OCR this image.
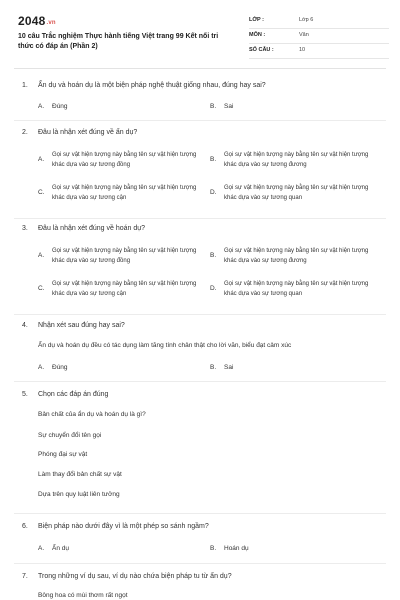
2048.vn
10 câu Trắc nghiệm Thực hành tiếng Việt trang 99 Kết nối tri thức có đáp án (Phần 2)
LỚP :	Lớp 6
MÔN :	Văn
SỐ CÂU :	10
1. Ẩn dụ và hoán dụ là một biện pháp nghệ thuật giống nhau, đúng hay sai?
A. Đúng	B. Sai
2. Đâu là nhận xét đúng về ẩn dụ?
A.
Gọi sự vật hiện tượng này bằng tên sự vật hiện tượng khác dựa vào sự tương đồng
B.
Gọi sự vật hiện tượng này bằng tên sự vật hiện tượng khác dựa vào sự tương đương
C.
Gọi sự vật hiện tượng này bằng tên sự vật hiện tượng khác dựa vào sự tương cận
D.
Gọi sự vật hiện tượng này bằng tên sự vật hiện tượng khác dựa vào sự tương quan
3. Đâu là nhận xét đúng về hoán dụ?
A.
Gọi sự vật hiện tượng này bằng tên sự vật hiện tượng khác dựa vào sự tương đồng
B.
Gọi sự vật hiện tượng này bằng tên sự vật hiện tượng khác dựa vào sự tương đương
C.
Gọi sự vật hiện tượng này bằng tên sự vật hiện tượng khác dựa vào sự tương cận
D.
Gọi sự vật hiện tượng này bằng tên sự vật hiện tượng khác dựa vào sự tương quan
4. Nhận xét sau đúng hay sai?
Ẩn dụ và hoán dụ đều có tác dụng làm tăng tính chân thật cho lời văn, biểu đạt cảm xúc
A. Đúng	B. Sai
5. Chọn các đáp án đúng
Bản chất của ẩn dụ và hoán dụ là gì?
Sự chuyển đổi tên gọi
Phóng đại sự vật
Làm thay đổi bản chất sự vật
Dựa trên quy luật liên tưởng
6. Biện pháp nào dưới đây vì là một phép so sánh ngầm?
A. Ẩn dụ	B. Hoán dụ
7. Trong những ví dụ sau, ví dụ nào chứa biện pháp tu từ ẩn dụ?
Bông hoa có mùi thơm rất ngọt
